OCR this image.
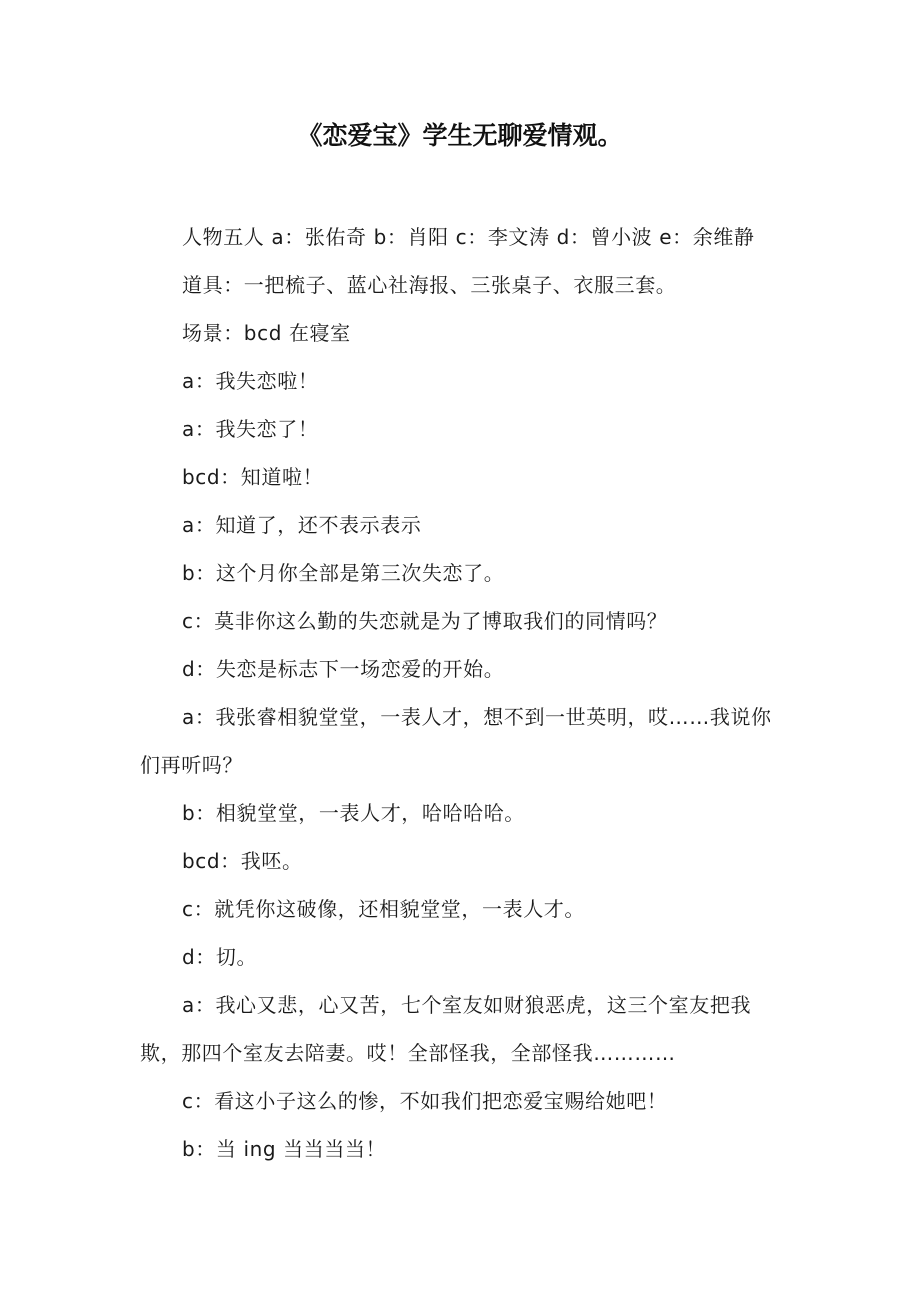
《恋爱宝》学生无聊爱情观。

人物五人 a：张佑奇 b：肖阳 c：李文涛 d：曾小波 e：余维静

道具：一把梳子、蓝心社海报、三张桌子、衣服三套。

场景：bcd 在寝室

a：我失恋啦！

a：我失恋了！

bcd：知道啦！

a：知道了，还不表示表示

b：这个月你全部是第三次失恋了。

c：莫非你这么勤的失恋就是为了博取我们的同情吗？

d：失恋是标志下一场恋爱的开始。

a：我张睿相貌堂堂，一表人才，想不到一世英明，哎……我说你们再听吗？

b：相貌堂堂，一表人才，哈哈哈哈。

bcd：我呸。

c：就凭你这破像，还相貌堂堂，一表人才。

d：切。

a：我心又悲，心又苦，七个室友如财狼恶虎，这三个室友把我欺，那四个室友去陪妻。哎！全部怪我，全部怪我…………

c：看这小子这么的惨，不如我们把恋爱宝赐给她吧！

b：当 ing 当当当当！
